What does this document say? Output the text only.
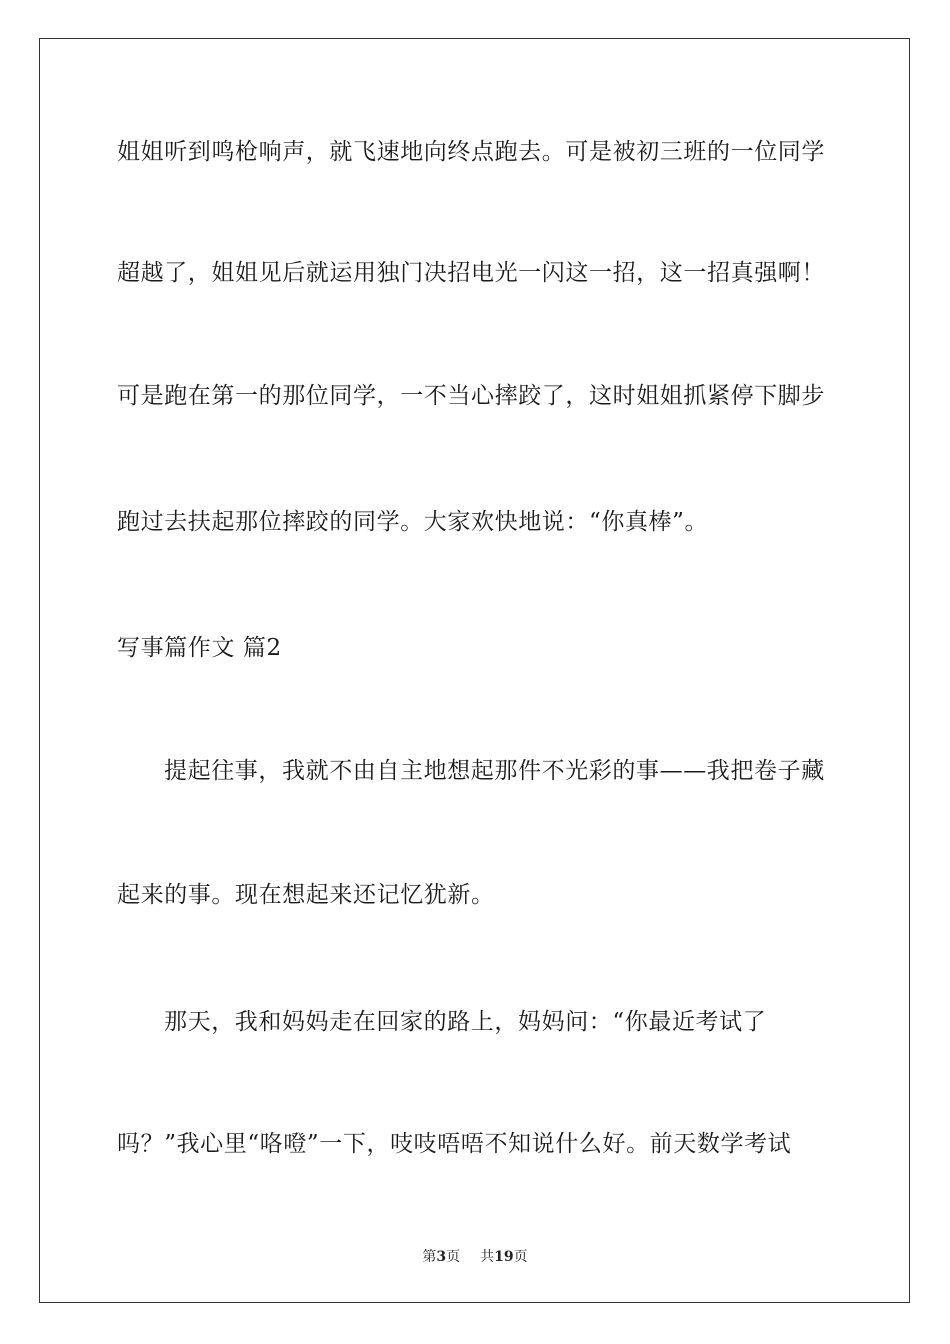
姐姐听到鸣枪响声，就飞速地向终点跑去。可是被初三班的一位同学
超越了，姐姐见后就运用独门决招电光一闪这一招，这一招真强啊！
可是跑在第一的那位同学，一不当心摔跤了，这时姐姐抓紧停下脚步
跑过去扶起那位摔跤的同学。大家欢快地说：“你真棒”。
写事篇作文 篇2
提起往事，我就不由自主地想起那件不光彩的事——我把卷子藏
起来的事。现在想起来还记忆犹新。
那天，我和妈妈走在回家的路上，妈妈问：“你最近考试了
吗？”我心里“咯噔”一下，吱吱唔唔不知说什么好。前天数学考试
第3页 共19页
